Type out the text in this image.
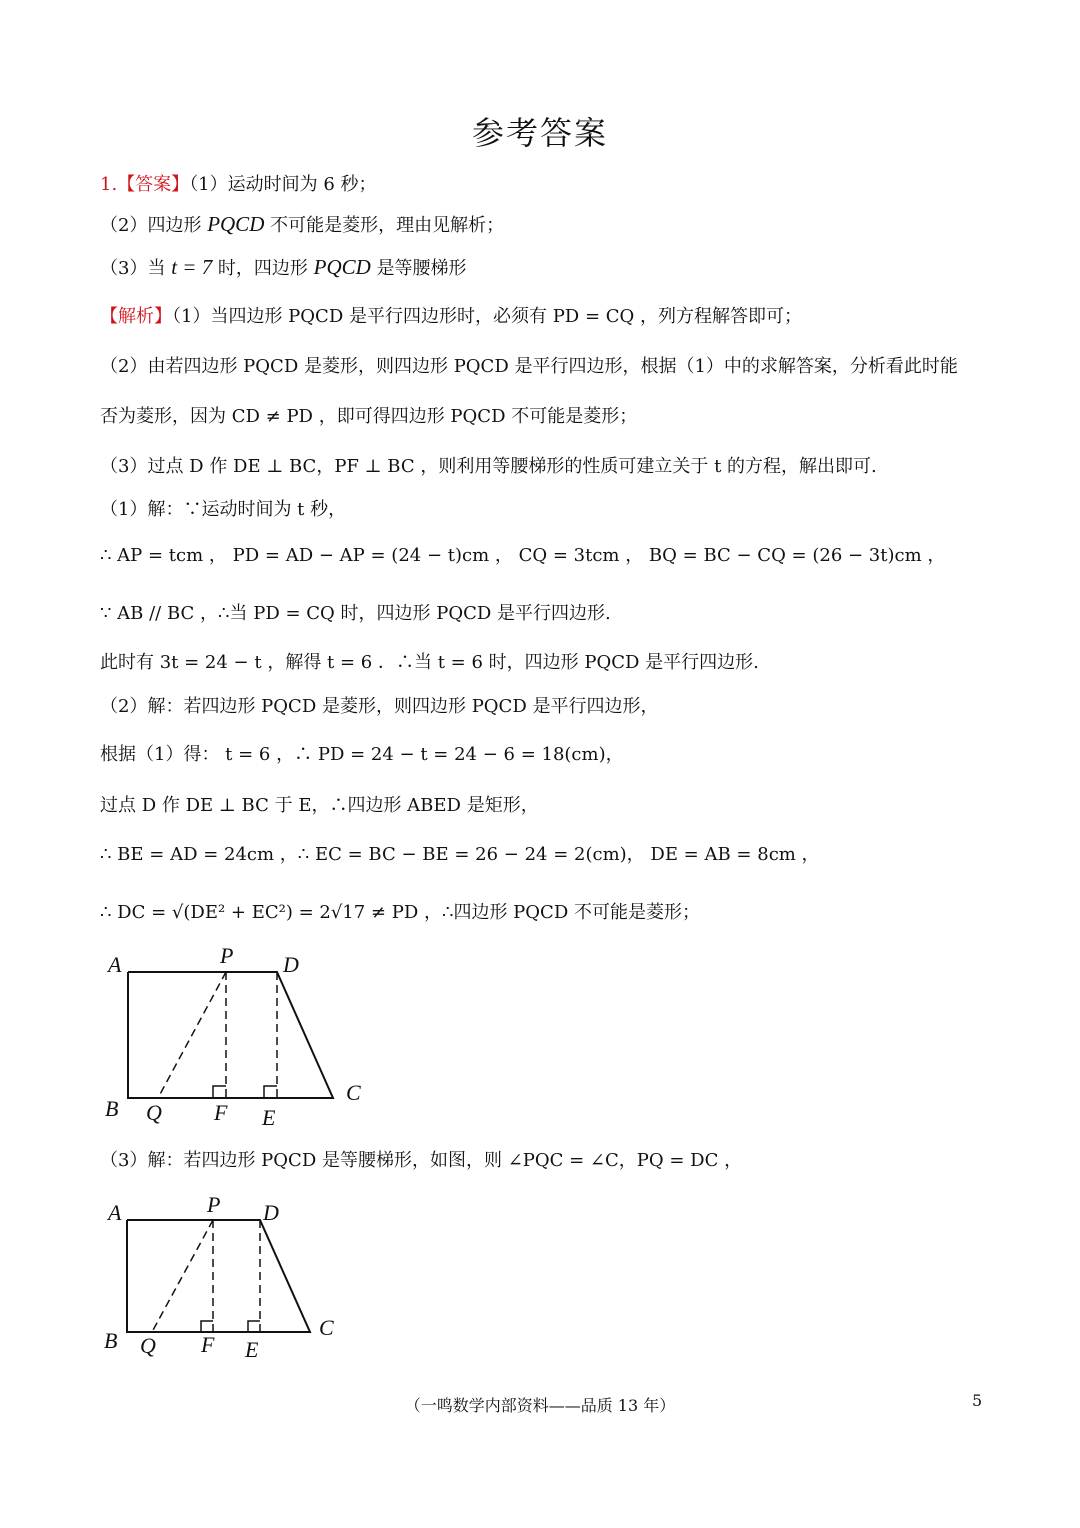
参考答案
1.【答案】（1）运动时间为 6 秒；
（2）四边形 PQCD 不可能是菱形，理由见解析；
（3）当 t = 7 时，四边形 PQCD 是等腰梯形
【解析】（1）当四边形 PQCD 是平行四边形时，必须有 PD = CQ ，列方程解答即可；
（2）由若四边形 PQCD 是菱形，则四边形 PQCD 是平行四边形，根据（1）中的求解答案，分析看此时能
否为菱形，因为 CD ≠ PD ，即可得四边形 PQCD 不可能是菱形；
（3）过点 D 作 DE ⊥ BC，PF ⊥ BC ，则利用等腰梯形的性质可建立关于 t 的方程，解出即可.
（1）解：∵运动时间为 t 秒，
∴ AP = tcm ， PD = AD − AP = (24 − t)cm ， CQ = 3tcm ， BQ = BC − CQ = (26 − 3t)cm ，
∵ AB // BC ，∴当 PD = CQ 时，四边形 PQCD 是平行四边形.
此时有 3t = 24 − t ，解得 t = 6 ．∴当 t = 6 时，四边形 PQCD 是平行四边形.
（2）解：若四边形 PQCD 是菱形，则四边形 PQCD 是平行四边形，
根据（1）得： t = 6 ，∴ PD = 24 − t = 24 − 6 = 18(cm)，
过点 D 作 DE ⊥ BC 于 E，∴四边形 ABED 是矩形，
∴ BE = AD = 24cm ，∴ EC = BC − BE = 26 − 24 = 2(cm)， DE = AB = 8cm ，
∴ DC = √(DE² + EC²) = 2√17 ≠ PD ，∴四边形 PQCD 不可能是菱形；
A	P D
B Q F E
C
（3）解：若四边形 PQCD 是等腰梯形，如图，则 ∠PQC = ∠C，PQ = DC ，
A	P D
B Q F E
C
（一鸣数学内部资料——品质 13 年）	5
